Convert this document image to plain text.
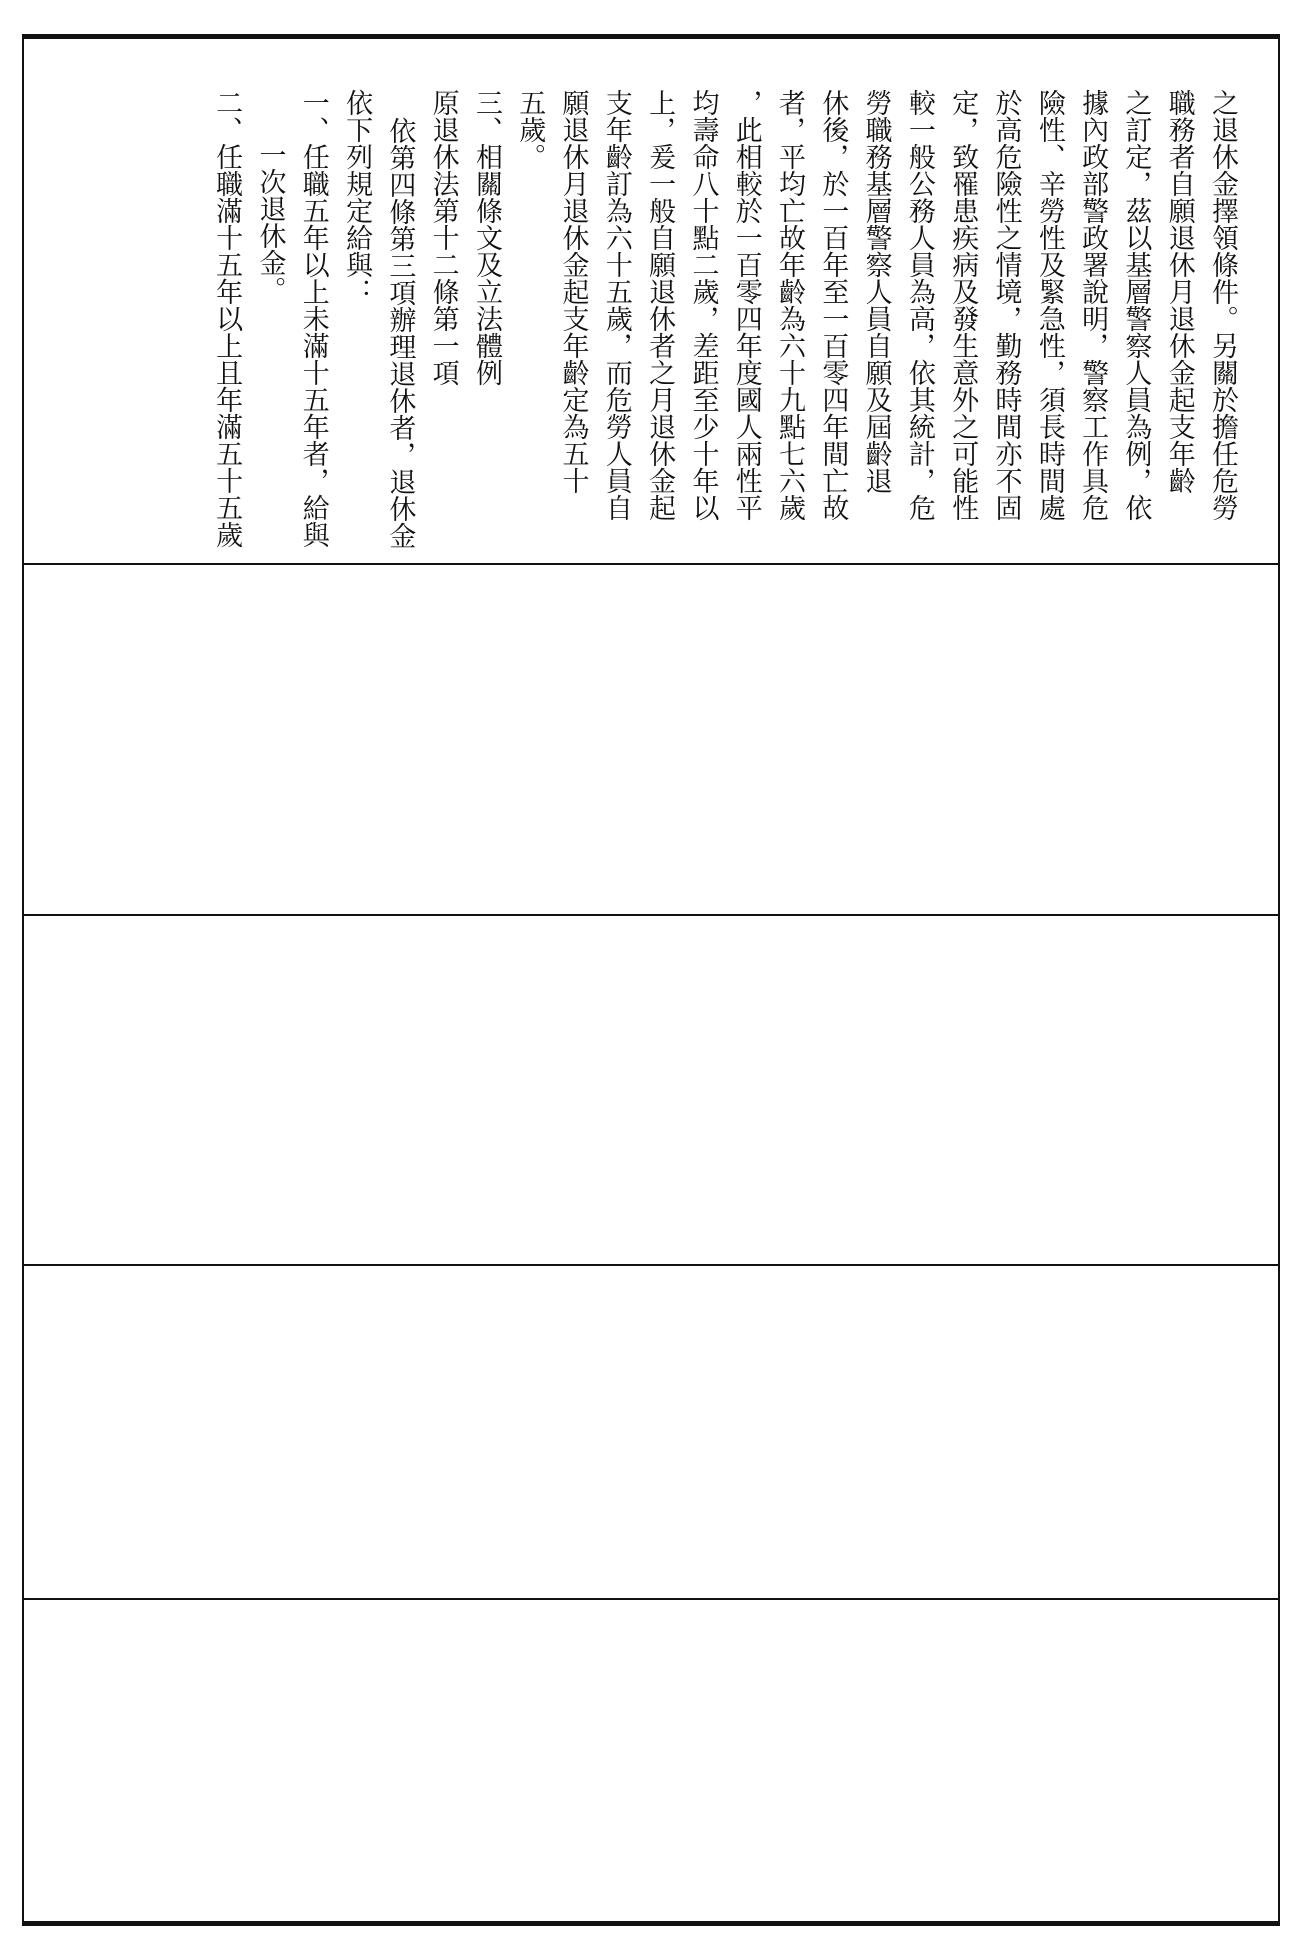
之退休金擇領條件。另關於擔任危勞
職務者自願退休月退休金起支年齡
之訂定，茲以基層警察人員為例，依
據內政部警政署說明，警察工作具危
險性、辛勞性及緊急性，須長時間處
於高危險性之情境，勤務時間亦不固
定，致罹患疾病及發生意外之可能性
較一般公務人員為高，依其統計，危
勞職務基層警察人員自願及屆齡退
休後，於一百年至一百零四年間亡故
者，平均亡故年齡為六十九點七六歲
，此相較於一百零四年度國人兩性平
均壽命八十點二歲，差距至少十年以
上，爰一般自願退休者之月退休金起
支年齡訂為六十五歲，而危勞人員自
願退休月退休金起支年齡定為五十
五歲。
三、相關條文及立法體例
原退休法第十二條第一項
依第四條第三項辦理退休者，退休金
依下列規定給與：
一、任職五年以上未滿十五年者，給與
一次退休金。
二、任職滿十五年以上且年滿五十五歲
